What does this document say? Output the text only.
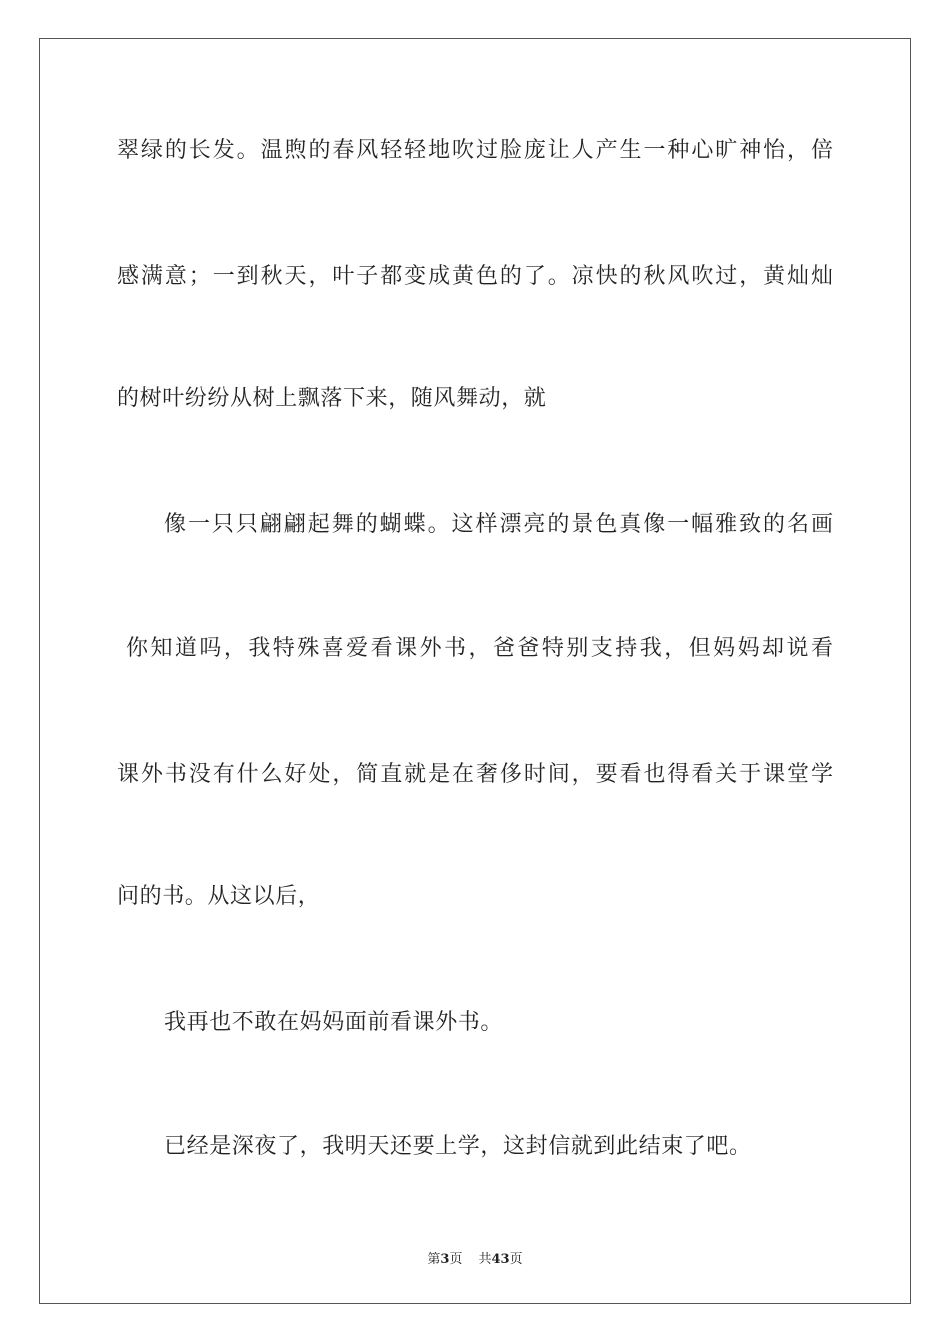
翠绿的长发。温煦的春风轻轻地吹过脸庞让人产生一种心旷神怡，倍
感满意；一到秋天，叶子都变成黄色的了。凉快的秋风吹过，黄灿灿
的树叶纷纷从树上飘落下来，随风舞动，就
像一只只翩翩起舞的蝴蝶。这样漂亮的景色真像一幅雅致的名画
你知道吗，我特殊喜爱看课外书，爸爸特别支持我，但妈妈却说看
课外书没有什么好处，简直就是在奢侈时间，要看也得看关于课堂学
问的书。从这以后，
我再也不敢在妈妈面前看课外书。
已经是深夜了，我明天还要上学，这封信就到此结束了吧。
第3页 共43页
